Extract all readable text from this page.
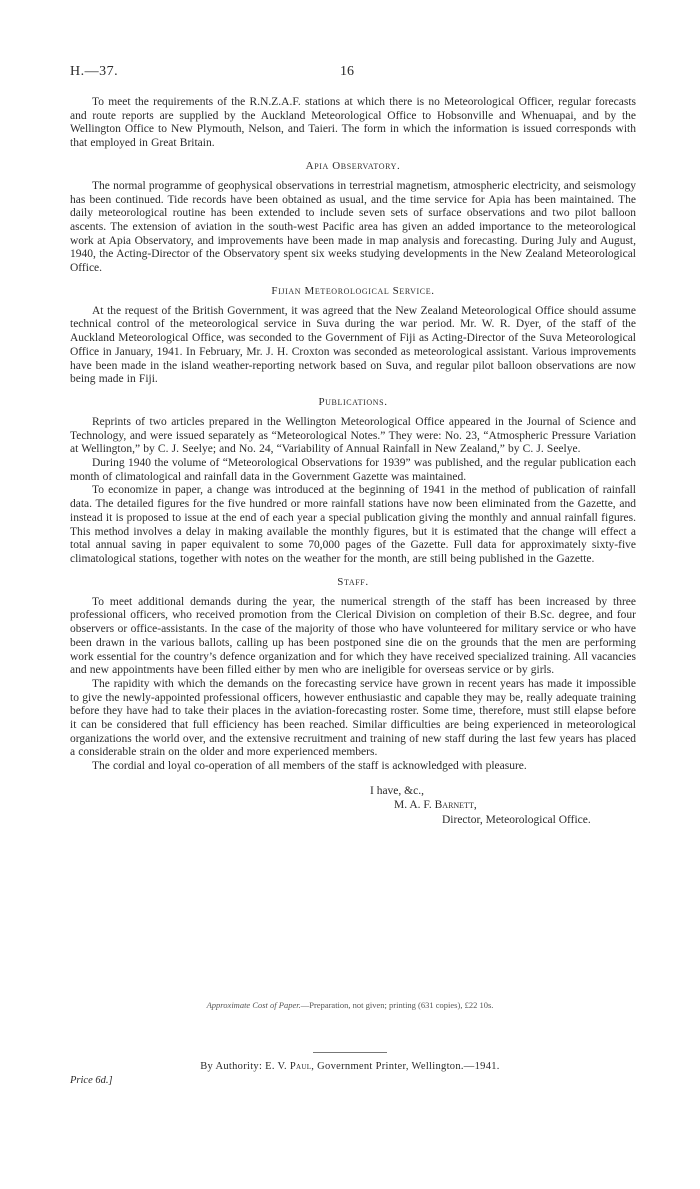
H.—37.	16

To meet the requirements of the R.N.Z.A.F. stations at which there is no Meteorological Officer, regular forecasts and route reports are supplied by the Auckland Meteorological Office to Hobsonville and Whenuapai, and by the Wellington Office to New Plymouth, Nelson, and Taieri. The form in which the information is issued corresponds with that employed in Great Britain.

Apia Observatory.

The normal programme of geophysical observations in terrestrial magnetism, atmospheric electricity, and seismology has been continued. Tide records have been obtained as usual, and the time service for Apia has been maintained. The daily meteorological routine has been extended to include seven sets of surface observations and two pilot balloon ascents. The extension of aviation in the south-west Pacific area has given an added importance to the meteorological work at Apia Observatory, and improvements have been made in map analysis and forecasting. During July and August, 1940, the Acting-Director of the Observatory spent six weeks studying developments in the New Zealand Meteorological Office.

Fijian Meteorological Service.

At the request of the British Government, it was agreed that the New Zealand Meteorological Office should assume technical control of the meteorological service in Suva during the war period. Mr. W. R. Dyer, of the staff of the Auckland Meteorological Office, was seconded to the Government of Fiji as Acting-Director of the Suva Meteorological Office in January, 1941. In February, Mr. J. H. Croxton was seconded as meteorological assistant. Various improvements have been made in the island weather-reporting network based on Suva, and regular pilot balloon observations are now being made in Fiji.

Publications.

Reprints of two articles prepared in the Wellington Meteorological Office appeared in the Journal of Science and Technology, and were issued separately as “Meteorological Notes.” They were: No. 23, “Atmospheric Pressure Variation at Wellington,” by C. J. Seelye; and No. 24, “Variability of Annual Rainfall in New Zealand,” by C. J. Seelye.

During 1940 the volume of “Meteorological Observations for 1939” was published, and the regular publication each month of climatological and rainfall data in the Government Gazette was maintained.

To economize in paper, a change was introduced at the beginning of 1941 in the method of publication of rainfall data. The detailed figures for the five hundred or more rainfall stations have now been eliminated from the Gazette, and instead it is proposed to issue at the end of each year a special publication giving the monthly and annual rainfall figures. This method involves a delay in making available the monthly figures, but it is estimated that the change will effect a total annual saving in paper equivalent to some 70,000 pages of the Gazette. Full data for approximately sixty-five climatological stations, together with notes on the weather for the month, are still being published in the Gazette.

Staff.

To meet additional demands during the year, the numerical strength of the staff has been increased by three professional officers, who received promotion from the Clerical Division on completion of their B.Sc. degree, and four observers or office-assistants. In the case of the majority of those who have volunteered for military service or who have been drawn in the various ballots, calling up has been postponed sine die on the grounds that the men are performing work essential for the country’s defence organization and for which they have received specialized training. All vacancies and new appointments have been filled either by men who are ineligible for overseas service or by girls.

The rapidity with which the demands on the forecasting service have grown in recent years has made it impossible to give the newly-appointed professional officers, however enthusiastic and capable they may be, really adequate training before they have had to take their places in the aviation-forecasting roster. Some time, therefore, must still elapse before it can be considered that full efficiency has been reached. Similar difficulties are being experienced in meteorological organizations the world over, and the extensive recruitment and training of new staff during the last few years has placed a considerable strain on the older and more experienced members.

The cordial and loyal co-operation of all members of the staff is acknowledged with pleasure.

I have, &c.,
M. A. F. Barnett,
Director, Meteorological Office.
Approximate Cost of Paper.—Preparation, not given; printing (631 copies), £22 10s.
By Authority: E. V. Paul, Government Printer, Wellington.—1941.
Price 6d.]
